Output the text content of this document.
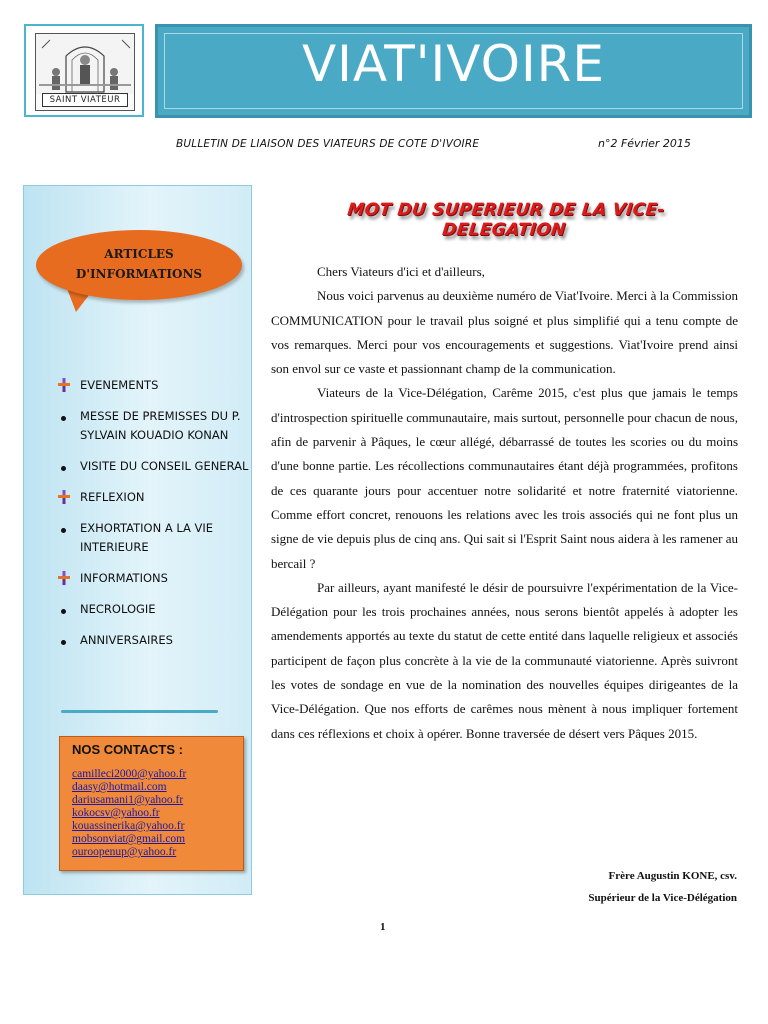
SAINT VIATEUR
VIAT'IVOIRE
BULLETIN DE LIAISON DES VIATEURS DE COTE D'IVOIRE	n°2 Février 2015
ARTICLES
D'INFORMATIONS
EVENEMENTS
MESSE DE PREMISSES DU P. SYLVAIN KOUADIO KONAN
VISITE DU CONSEIL GENERAL
REFLEXION
EXHORTATION A LA VIE INTERIEURE
INFORMATIONS
NECROLOGIE
ANNIVERSAIRES
NOS CONTACTS :
camilleci2000@yahoo.fr
daasy@hotmail.com
dariusamani1@yahoo.fr
kokocsv@yahoo.fr
kouassinerika@yahoo.fr
mobsonviat@gmail.com
ouroopenup@yahoo.fr
MOT DU SUPERIEUR DE LA VICE-DELEGATION

Chers Viateurs d'ici et d'ailleurs,

Nous voici parvenus au deuxième numéro de Viat'Ivoire. Merci à la Commission COMMUNICATION pour le travail plus soigné et plus simplifié qui a tenu compte de vos remarques. Merci pour vos encouragements et suggestions. Viat'Ivoire prend ainsi son envol sur ce vaste et passionnant champ de la communication.

Viateurs de la Vice-Délégation, Carême 2015, c'est plus que jamais le temps d'introspection spirituelle communautaire, mais surtout, personnelle pour chacun de nous, afin de parvenir à Pâques, le cœur allégé, débarrassé de toutes les scories ou du moins d'une bonne partie. Les récollections communautaires étant déjà programmées, profitons de ces quarante jours pour accentuer notre solidarité et notre fraternité viatorienne. Comme effort concret, renouons les relations avec les trois associés qui ne font plus un signe de vie depuis plus de cinq ans. Qui sait si l'Esprit Saint nous aidera à les ramener au bercail ?

Par ailleurs, ayant manifesté le désir de poursuivre l'expérimentation de la Vice-Délégation pour les trois prochaines années, nous serons bientôt appelés à adopter les amendements apportés au texte du statut de cette entité dans laquelle religieux et associés participent de façon plus concrète à la vie de la communauté viatorienne. Après suivront les votes de sondage en vue de la nomination des nouvelles équipes dirigeantes de la Vice-Délégation. Que nos efforts de carêmes nous mènent à nous impliquer fortement dans ces réflexions et choix à opérer. Bonne traversée de désert vers Pâques 2015.

Frère Augustin KONE, csv.
Supérieur de la Vice-Délégation
1
